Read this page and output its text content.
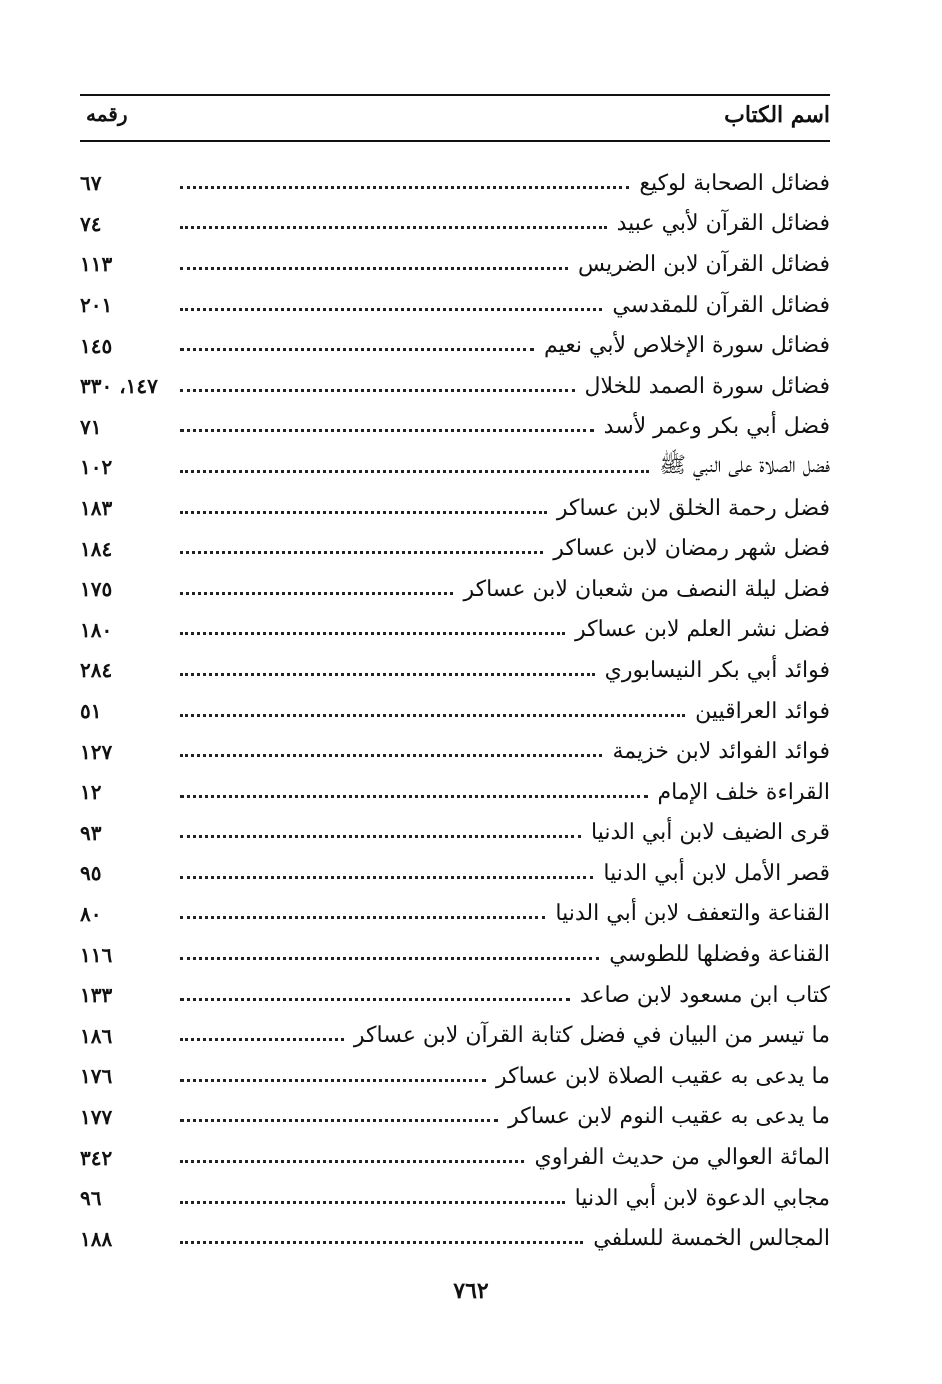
اسم الكتاب
رقمه
فضائل الصحابة لوكيع
٦٧
فضائل القرآن لأبي عبيد
٧٤
فضائل القرآن لابن الضريس
١١٣
فضائل القرآن للمقدسي
٢٠١
فضائل سورة الإخلاص لأبي نعيم
١٤٥
فضائل سورة الصمد للخلال
١٤٧، ٣٣٠
فضل أبي بكر وعمر لأسد
٧١
فضل الصلاة على النبي ﷺ
١٠٢
فضل رحمة الخلق لابن عساكر
١٨٣
فضل شهر رمضان لابن عساكر
١٨٤
فضل ليلة النصف من شعبان لابن عساكر
١٧٥
فضل نشر العلم لابن عساكر
١٨٠
فوائد أبي بكر النيسابوري
٢٨٤
فوائد العراقيين
٥١
فوائد الفوائد لابن خزيمة
١٢٧
القراءة خلف الإمام
١٢
قرى الضيف لابن أبي الدنيا
٩٣
قصر الأمل لابن أبي الدنيا
٩٥
القناعة والتعفف لابن أبي الدنيا
٨٠
القناعة وفضلها للطوسي
١١٦
كتاب ابن مسعود لابن صاعد
١٣٣
ما تيسر من البيان في فضل كتابة القرآن لابن عساكر
١٨٦
ما يدعى به عقيب الصلاة لابن عساكر
١٧٦
ما يدعى به عقيب النوم لابن عساكر
١٧٧
المائة العوالي من حديث الفراوي
٣٤٢
مجابي الدعوة لابن أبي الدنيا
٩٦
المجالس الخمسة للسلفي
١٨٨
٧٦٢
